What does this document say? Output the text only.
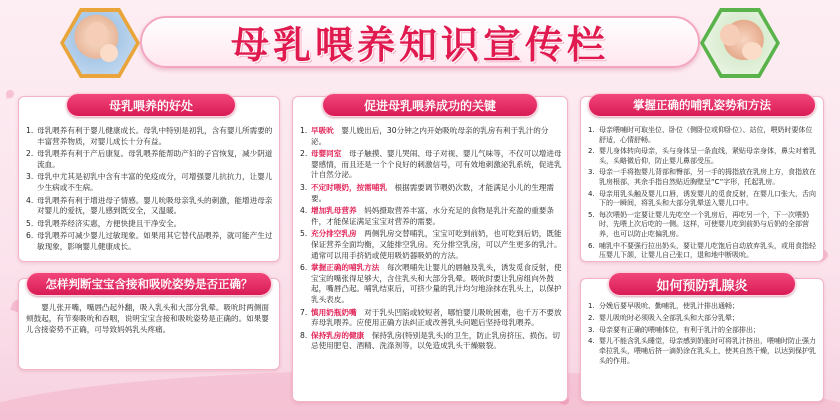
母乳喂养知识宣传栏
母乳喂养的好处
1. 母乳喂养有利于婴儿健康成长。母乳中特别是初乳，含有婴儿所需要的丰富营养物质，对婴儿成长十分有益。
2. 母乳喂养有利于产后康复。母乳喂养能帮助产妇的子宫恢复，减少阴道流血。
3. 母乳中尤其是初乳中含有丰富的免疫成分，可增强婴儿抗抗力，让婴儿少生病或不生病。
4. 母乳喂养有利于增进母子情感。婴儿吮吸母亲乳头的刺激，能增进母亲对婴儿的爱抚，婴儿感到既安全，又温暖。
5. 母乳喂养经济实惠，方便快捷且干净安全。
6. 母乳喂养可减少婴儿过敏现象。如果用其它替代品喂养，就可能产生过敏现象，影响婴儿健康成长。
怎样判断宝宝含接和吸吮姿势是否正确？

婴儿张开嘴，嘴唇凸起外翻，吸入乳头和大部分乳晕。吸吮时两侧面颊鼓起，有节奏吸吮和吞咽，说明宝宝含接和吸吮姿势是正确的。如果婴儿含接姿势不正确，可导致妈妈乳头疼痛。

促进母乳喂养成功的关键
1. 早吸吮　 婴儿娩出后，30分钟之内开始吸吮母亲的乳房有利于乳汁的分泌。
2. 母婴同室　 母子触摸、婴儿哭闹、母子对视、婴儿气味等，不仅可以增进母婴感情，而且还是一个个良好的刺激信号，可有效地刺激泌乳系统，促进乳汁自然分泌。
3. 不定时喂奶，按需哺乳　 根据需要调节喂奶次数，才能满足小儿的生理需要。
4. 增加乳母营养　 妈妈摄取营养丰富、水分充足的食物是乳汁充盈的重要条件，才能保证满足宝宝对营养的需要。
5. 充分排空乳房　 两侧乳房交替哺乳，宝宝可吃到前奶，也可吃到后奶，既能保证营养全面均衡，又能排空乳房。充分排空乳房，可以产生更多的乳汁。通常可以用手挤奶或使用吸奶器吸奶的方法。
6. 掌握正确的哺乳方法　 每次喂哺先让婴儿的唇触及乳头，诱发觅食反射，使宝宝的嘴张得足够大，含住乳头和大部分乳晕。吸吮时要让乳房组向外鼓起，嘴唇凸起。哺乳结束后，可挤少量的乳汁均匀地涂抹在乳头上，以保护乳头表皮。
7. 慎用奶瓶奶嘴　 对于乳头凹陷或较短者，哪怕婴儿吸吮困难，也千万不要放弃母乳喂养。应使用正确方法纠正或改善乳头问题后坚持母乳喂养。
8. 保持乳房的健康　 保持乳房(特别是乳头)的卫生，防止乳房挤压、损伤。切忌使用肥皂、酒精、洗涤剂等，以免造成乳头干燥皲裂。
掌握正确的哺乳姿势和方法
1. 母亲喂哺时可取坐位、卧位（侧卧位或仰卧位）、站位，喂奶时要体位舒适，心情舒畅。
2. 婴儿身体转向母亲，头与身体呈一条直线，紧贴母亲身体，鼻尖对着乳头，头略微后仰，防止婴儿鼻部受压。
3. 母亲一手将抱婴儿背部和臀部，另一手的拇指放在乳房上方，食指放在乳房根部，其余手指自然贴近胸壁呈“C”字形，托起乳房。
4. 母亲用乳头触及婴儿口唇，诱发婴儿的觅食反射，在婴儿口张大，舌向下的一瞬间，将乳头和大部分乳晕送入婴儿口中。
5. 每次喂奶一定要让婴儿先吃空一个乳房后，再吃另一个，下一次喂奶时，先喂上次后吃的一侧。这样，可使婴儿吃到前奶与后奶的全部营养，也可以防止吃偏乳房。
6. 哺乳中不要强行拉出奶头，要让婴儿吃饱后自动放弃乳头，或用食指轻压婴儿下颌，让婴儿自己张口，退和地中断吸吮。
如何预防乳腺炎
1. 分娩后要早吸吮、勤哺乳，使乳汁排出通畅；
2. 婴儿吸吮时必须吸入全部乳头和大部分乳晕；
3. 母亲要有正确的喂哺体位，有利于乳汁的全部排出；
4. 婴儿不能含乳头睡觉，母亲感到奶胀时可将乳汁挤出，喂哺时防止强力牵拉乳头，喂哺后挤一滴奶涂在乳头上，使其自然干燥，以达到保护乳头的作用。
